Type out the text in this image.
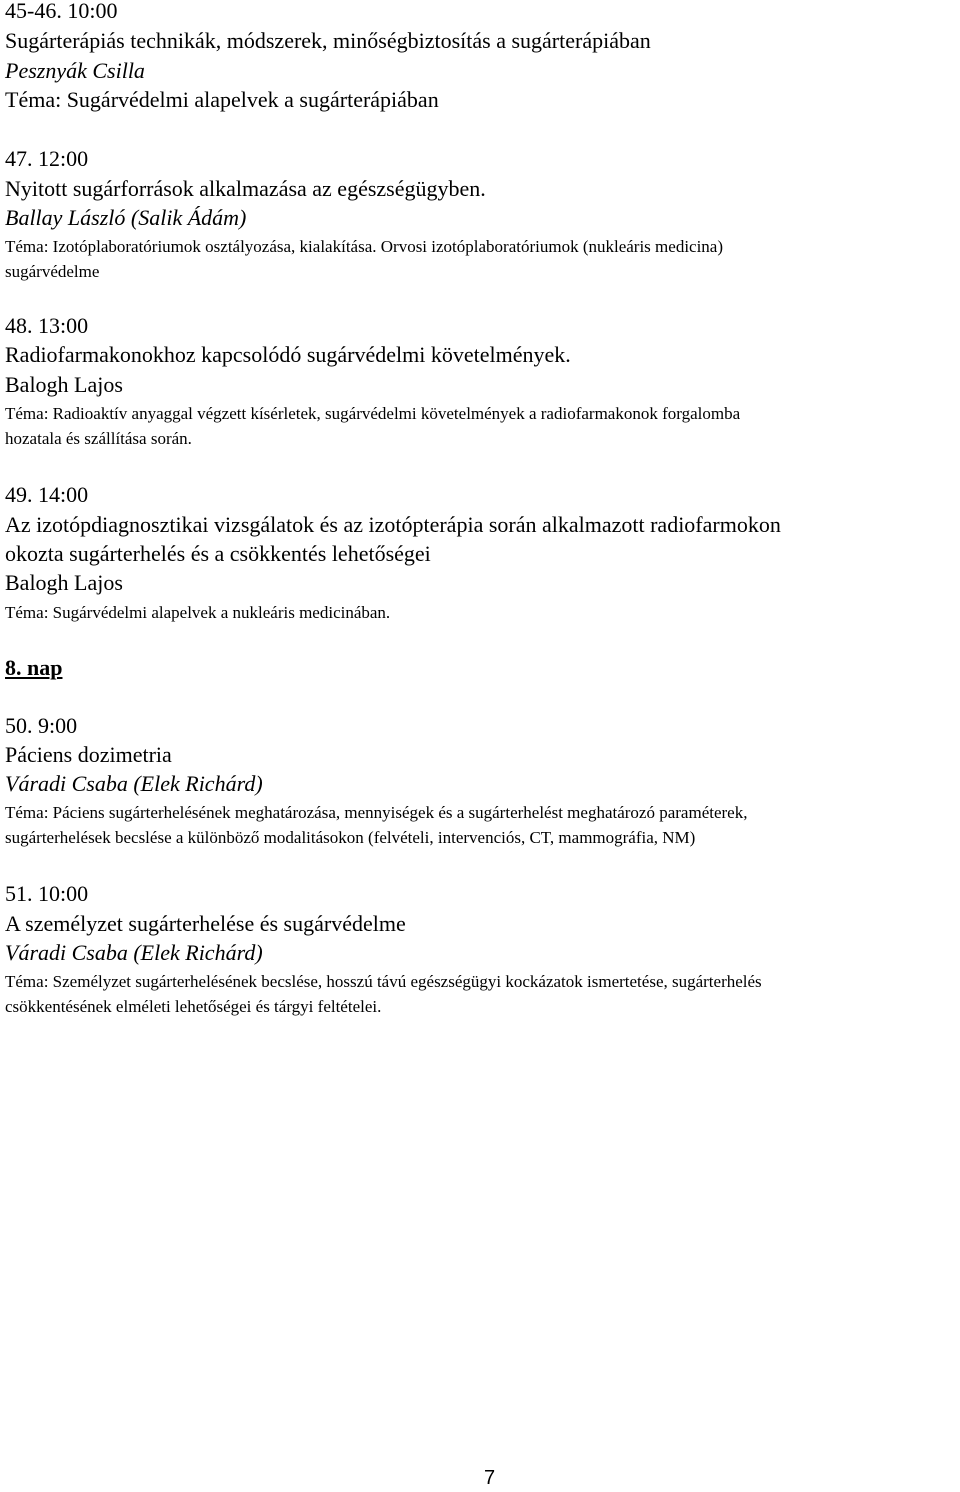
45-46. 10:00
Sugárterápiás technikák, módszerek, minőségbiztosítás a sugárterápiában
Pesznyák Csilla
Téma: Sugárvédelmi alapelvek a sugárterápiában
47. 12:00
Nyitott sugárforrások alkalmazása az egészségügyben.
Ballay László (Salik Ádám)
Téma: Izotóplaboratóriumok osztályozása, kialakítása. Orvosi izotóplaboratóriumok (nukleáris medicina)
sugárvédelme
48. 13:00
Radiofarmakonokhoz kapcsolódó sugárvédelmi követelmények.
Balogh Lajos
Téma: Radioaktív anyaggal végzett kísérletek, sugárvédelmi követelmények a radiofarmakonok forgalomba
hozatala és szállítása során.
49. 14:00
Az izotópdiagnosztikai vizsgálatok és az izotópterápia során alkalmazott radiofarmokon
okozta sugárterhelés és a csökkentés lehetőségei
Balogh Lajos
Téma: Sugárvédelmi alapelvek a nukleáris medicinában.
8. nap
50. 9:00
Páciens dozimetria
Váradi Csaba (Elek Richárd)
Téma: Páciens sugárterhelésének meghatározása, mennyiségek és a sugárterhelést meghatározó paraméterek,
sugárterhelések becslése a különböző modalitásokon (felvételi, intervenciós, CT, mammográfia, NM)
51. 10:00
A személyzet sugárterhelése és sugárvédelme
Váradi Csaba (Elek Richárd)
Téma: Személyzet sugárterhelésének becslése, hosszú távú egészségügyi kockázatok ismertetése, sugárterhelés
csökkentésének elméleti lehetőségei és tárgyi feltételei.
7
